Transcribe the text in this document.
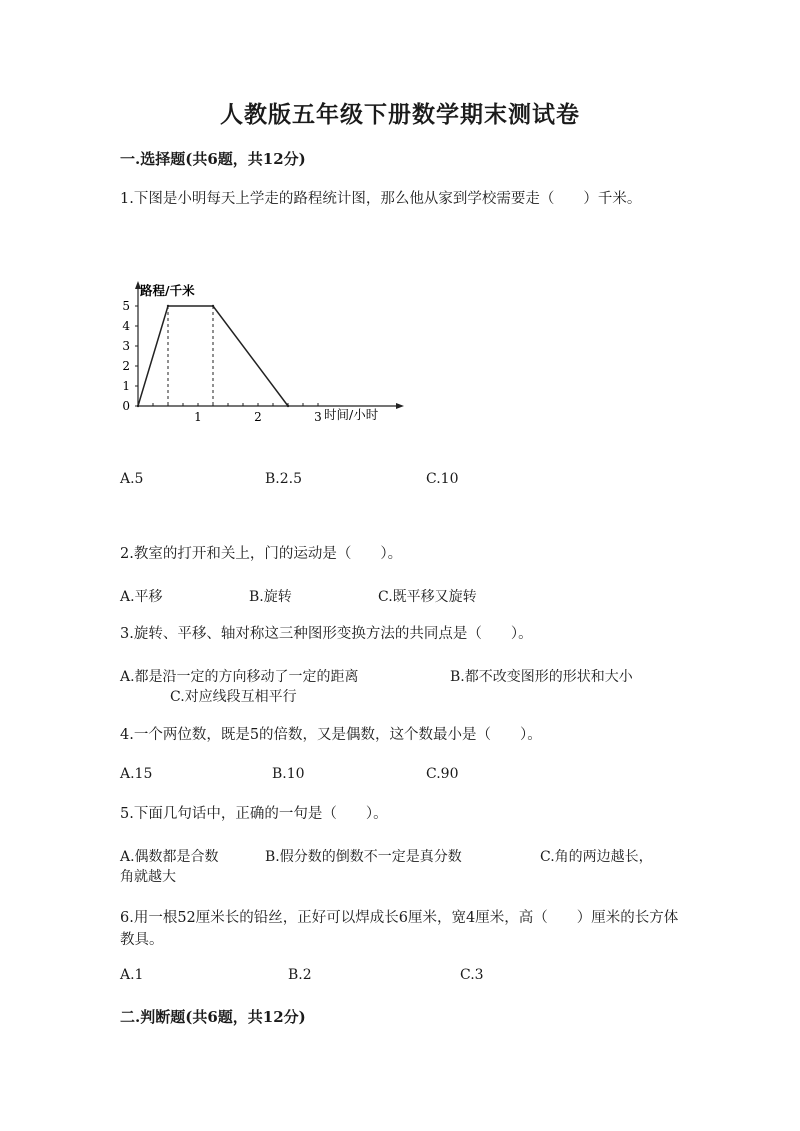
人教版五年级下册数学期末测试卷
一.选择题(共6题，共12分)
1.下图是小明每天上学走的路程统计图，那么他从家到学校需要走（　　）千米。
路程/千米
时间/小时
0
1
2
3
4
5
1	2	3
A.5	B.2.5	C.10
2.教室的打开和关上，门的运动是（　　）。
A.平移	B.旋转	C.既平移又旋转
3.旋转、平移、轴对称这三种图形变换方法的共同点是（　　）。
A.都是沿一定的方向移动了一定的距离	B.都不改变图形的形状和大小
C.对应线段互相平行
4.一个两位数，既是5的倍数，又是偶数，这个数最小是（　　）。
A.15	B.10	C.90
5.下面几句话中，正确的一句是（　　）。
A.偶数都是合数	B.假分数的倒数不一定是真分数	C.角的两边越长，
角就越大
6.用一根52厘米长的铅丝，正好可以焊成长6厘米，宽4厘米，高（　　）厘米的长方体教具。
A.1	B.2	C.3
二.判断题(共6题，共12分)
